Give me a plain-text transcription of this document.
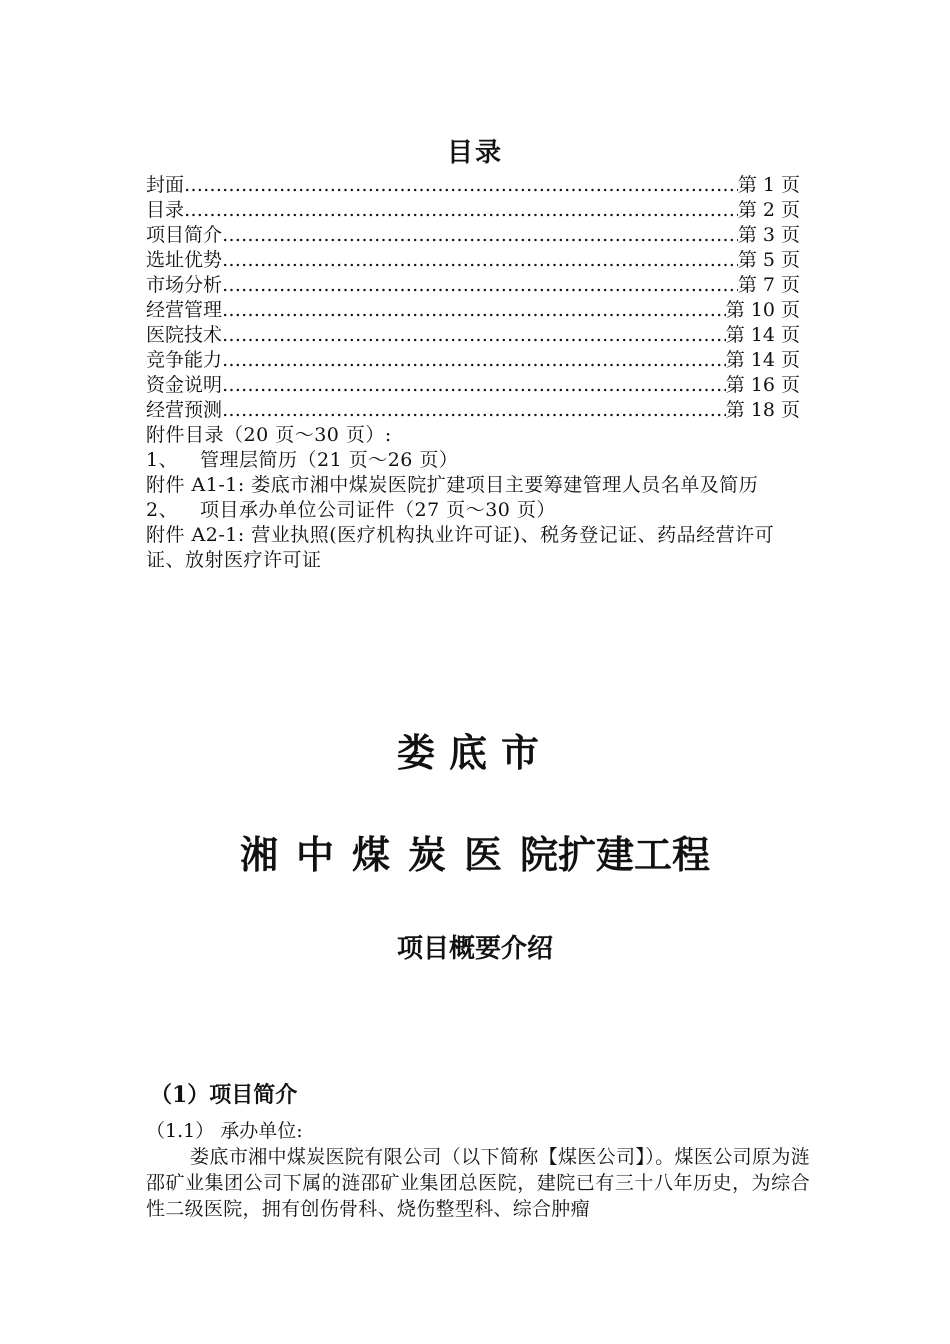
目录
封面 …………………………………………………………………………………………………………	第 1 页
目录 …………………………………………………………………………………………………………	第 2 页
项目简介 …………………………………………………………………………………………………………	第 3 页
选址优势 …………………………………………………………………………………………………………	第 5 页
市场分析 …………………………………………………………………………………………………………	第 7 页
经营管理 …………………………………………………………………………………………………………	第 10 页
医院技术 …………………………………………………………………………………………………………	第 14 页
竞争能力 …………………………………………………………………………………………………………	第 14 页
资金说明 …………………………………………………………………………………………………………	第 16 页
经营预测 …………………………………………………………………………………………………………	第 18 页
附件目录（20 页～30 页）:
1、	管理层简历（21 页～26 页）
附件 A1-1: 娄底市湘中煤炭医院扩建项目主要筹建管理人员名单及简历
2、	项目承办单位公司证件（27 页～30 页）
附件 A2-1: 营业执照(医疗机构执业许可证)、税务登记证、药品经营许可证、放射医疗许可证
娄底市
湘中煤炭医院扩建工程
项目概要介绍
（1）项目简介
（1.1） 承办单位:
娄底市湘中煤炭医院有限公司（以下简称【煤医公司】）。煤医公司原为涟邵矿业集团公司下属的涟邵矿业集团总医院，建院已有三十八年历史，为综合性二级医院，拥有创伤骨科、烧伤整型科、综合肿瘤
